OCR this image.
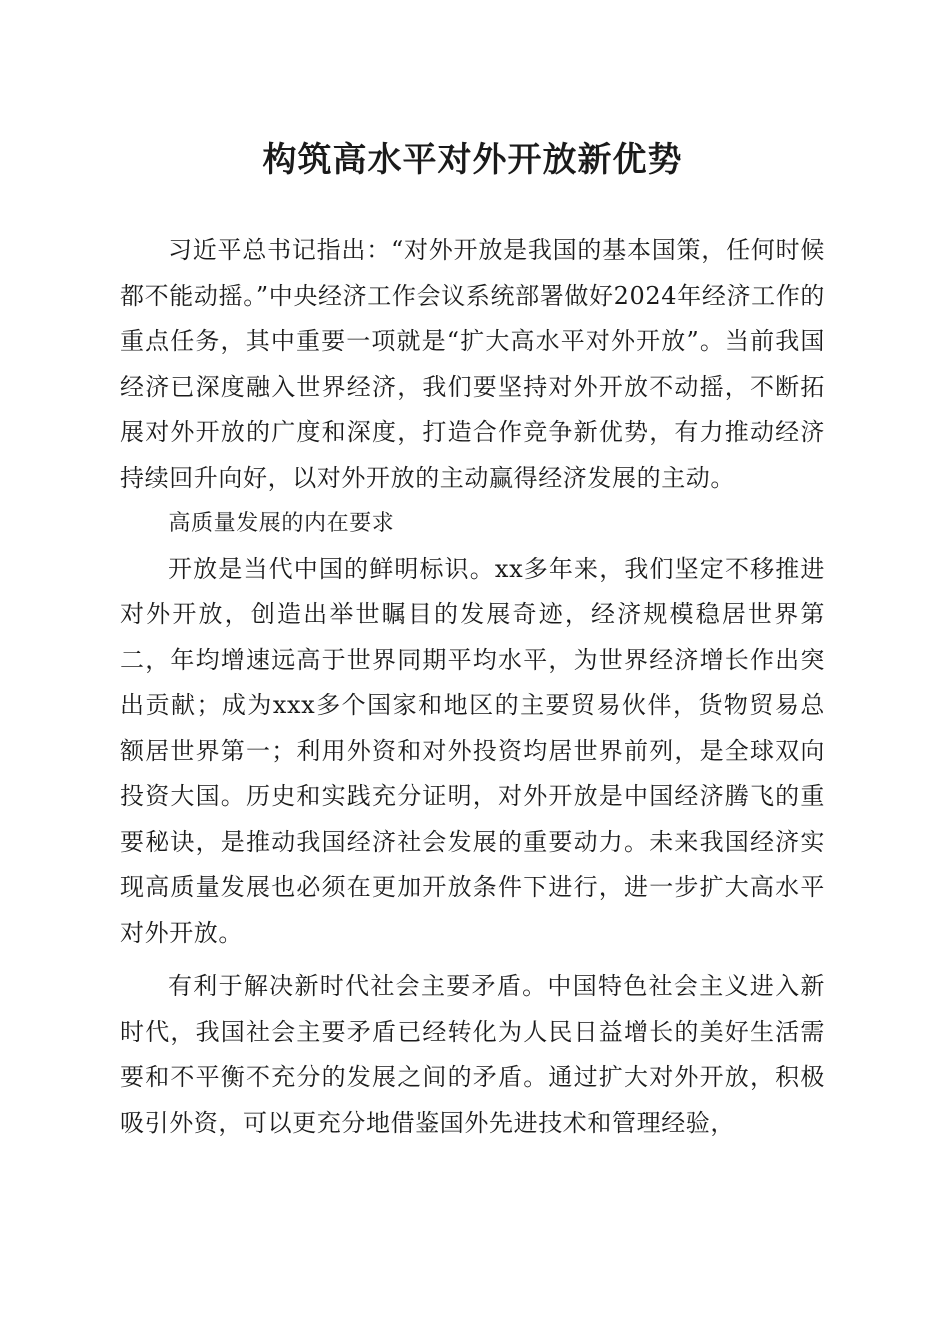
构筑高水平对外开放新优势

习近平总书记指出：“对外开放是我国的基本国策，任何时候都不能动摇。”中央经济工作会议系统部署做好2024年经济工作的重点任务，其中重要一项就是“扩大高水平对外开放”。当前我国经济已深度融入世界经济，我们要坚持对外开放不动摇，不断拓展对外开放的广度和深度，打造合作竞争新优势，有力推动经济持续回升向好，以对外开放的主动赢得经济发展的主动。

高质量发展的内在要求

开放是当代中国的鲜明标识。xx多年来，我们坚定不移推进对外开放，创造出举世瞩目的发展奇迹，经济规模稳居世界第二，年均增速远高于世界同期平均水平，为世界经济增长作出突出贡献；成为xxx多个国家和地区的主要贸易伙伴，货物贸易总额居世界第一；利用外资和对外投资均居世界前列，是全球双向投资大国。历史和实践充分证明，对外开放是中国经济腾飞的重要秘诀，是推动我国经济社会发展的重要动力。未来我国经济实现高质量发展也必须在更加开放条件下进行，进一步扩大高水平对外开放。

有利于解决新时代社会主要矛盾。中国特色社会主义进入新时代，我国社会主要矛盾已经转化为人民日益增长的美好生活需要和不平衡不充分的发展之间的矛盾。通过扩大对外开放，积极吸引外资，可以更充分地借鉴国外先进技术和管理经验，
